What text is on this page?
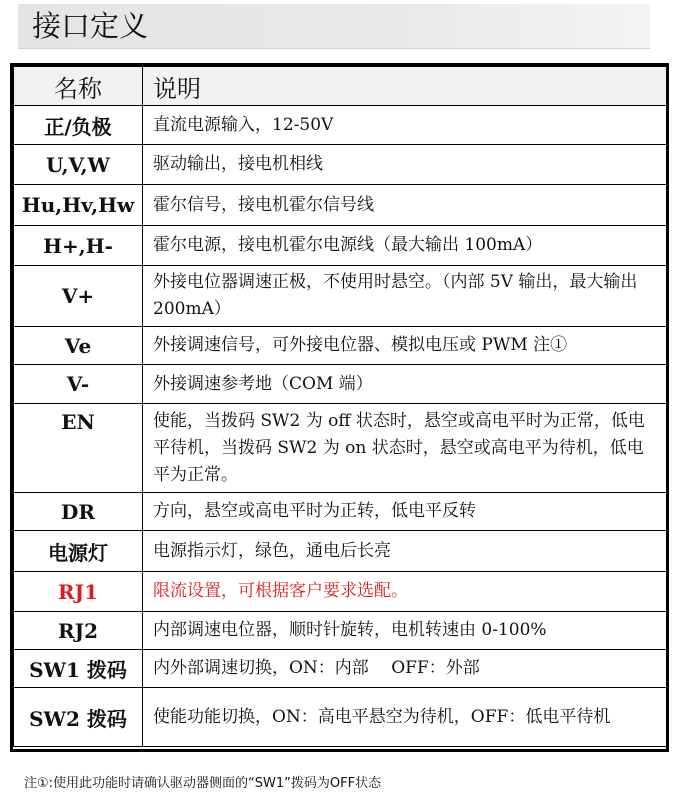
接口定义
名称	说明
正/负极	直流电源输入，12-50V
U,V,W	驱动输出，接电机相线
Hu,Hv,Hw	霍尔信号，接电机霍尔信号线
H+,H-	霍尔电源，接电机霍尔电源线（最大输出 100mA）
V+	外接电位器调速正极，不使用时悬空。（内部 5V 输出，最大输出 200mA）
Ve	外接调速信号，可外接电位器、模拟电压或 PWM 注①
V-	外接调速参考地（COM 端）
EN	使能，当拨码 SW2 为 off 状态时，悬空或高电平时为正常，低电平待机，当拨码 SW2 为 on 状态时，悬空或高电平为待机，低电平为正常。
DR	方向，悬空或高电平时为正转，低电平反转
电源灯	电源指示灯，绿色，通电后长亮
RJ1	限流设置，可根据客户要求选配。
RJ2	内部调速电位器，顺时针旋转，电机转速由 0-100%
SW1 拨码	内外部调速切换，ON：内部　 OFF：外部
SW2 拨码	使能功能切换，ON：高电平悬空为待机，OFF：低电平待机
注①:使用此功能时请确认驱动器侧面的“SW1”拨码为OFF状态
